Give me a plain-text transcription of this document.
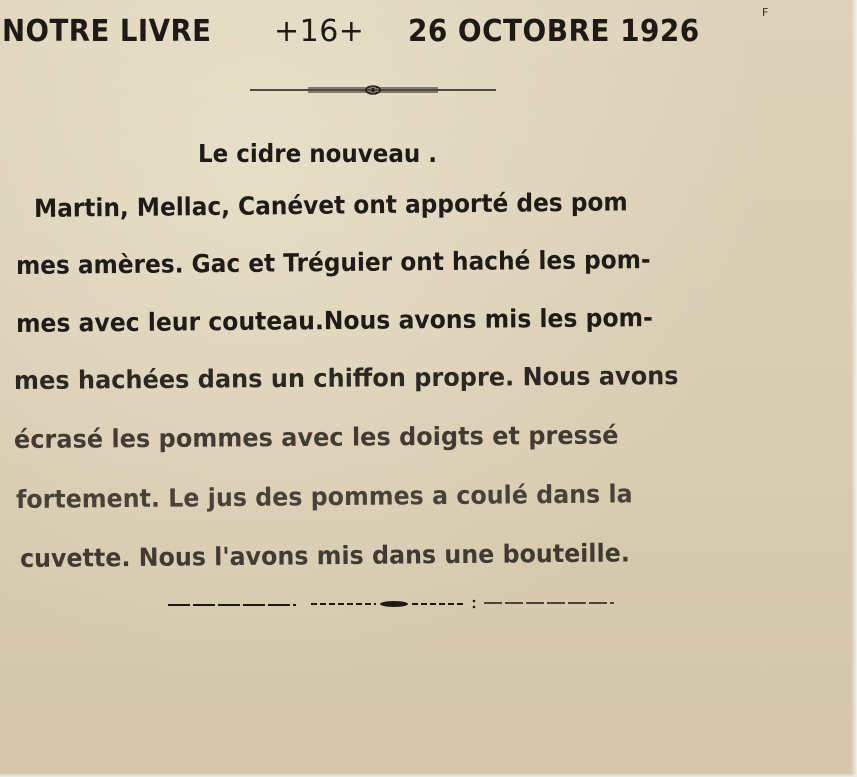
NOTRE LIVRE +16+ 26 OCTOBRE 1926
F
Le cidre nouveau .
Martin, Mellac, Canévet ont apporté des pom
mes amères. Gac et Tréguier ont haché les pom-
mes avec leur couteau.Nous avons mis les pom-
mes hachées dans un chiffon propre. Nous avons
écrasé les pommes avec les doigts et pressé
fortement. Le jus des pommes a coulé dans la
cuvette. Nous l'avons mis dans une bouteille.
